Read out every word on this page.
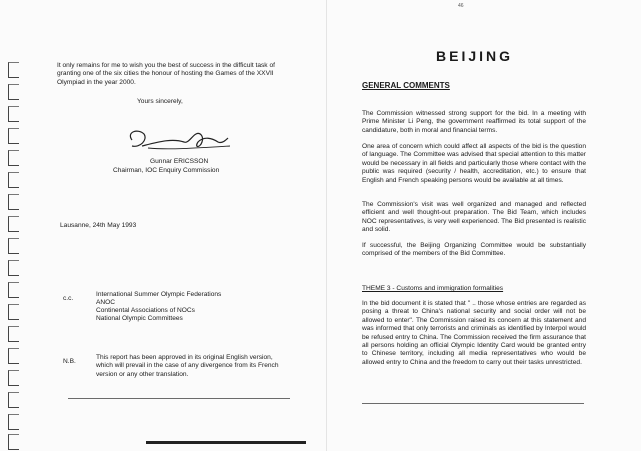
46
It only remains for me to wish you the best of success in the difficult task of granting one of the six cities the honour of hosting the Games of the XXVII Olympiad in the year 2000.
Yours sincerely,
Gunnar ERICSSON
Chairman, IOC Enquiry Commission
Lausanne, 24th May 1993
c.c.
International Summer Olympic Federations
ANOC
Continental Associations of NOCs
National Olympic Committees
N.B.
This report has been approved in its original English version, which will prevail in the case of any divergence from its French version or any other translation.
BEIJING
GENERAL COMMENTS
The Commission witnessed strong support for the bid. In a meeting with Prime Minister Li Peng, the government reaffirmed its total support of the candidature, both in moral and financial terms.
One area of concern which could affect all aspects of the bid is the question of language. The Committee was advised that special attention to this matter would be necessary in all fields and particularly those where contact with the public was required (security / health, accreditation, etc.) to ensure that English and French speaking persons would be available at all times.
The Commission's visit was well organized and managed and reflected efficient and well thought-out preparation. The Bid Team, which includes NOC representatives, is very well experienced. The Bid presented is realistic and solid.
If successful, the Beijing Organizing Committee would be substantially comprised of the members of the Bid Committee.
THEME 3 - Customs and immigration formalities
In the bid document it is stated that " .. those whose entries are regarded as posing a threat to China's national security and social order will not be allowed to enter". The Commission raised its concern at this statement and was informed that only terrorists and criminals as identified by Interpol would be refused entry to China. The Commission received the firm assurance that all persons holding an official Olympic Identity Card would be granted entry to Chinese territory, including all media representatives who would be allowed entry to China and the freedom to carry out their tasks unrestricted.
